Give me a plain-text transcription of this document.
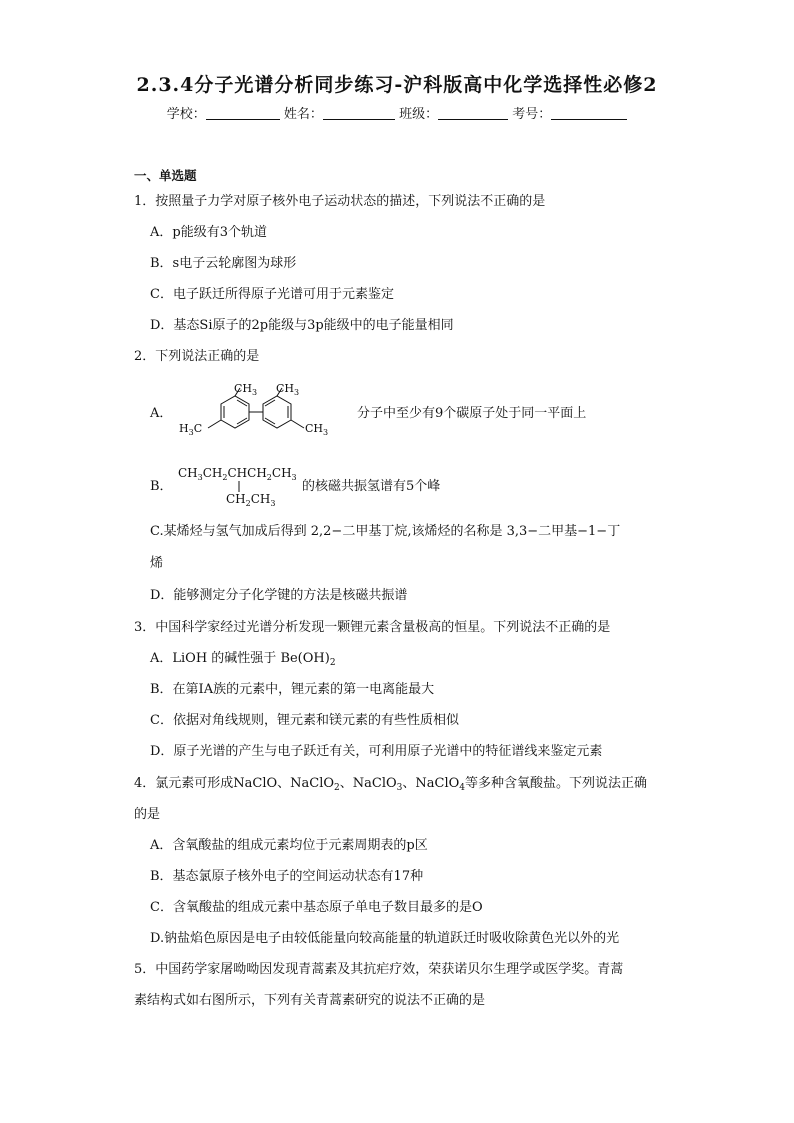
2.3.4分子光谱分析同步练习-沪科版高中化学选择性必修2
学校：	姓名：	班级：	考号：
一、单选题
1．按照量子力学对原子核外电子运动状态的描述，下列说法不正确的是
A．p能级有3个轨道
B．s电子云轮廓图为球形
C．电子跃迁所得原子光谱可用于元素鉴定
D．基态Si原子的2p能级与3p能级中的电子能量相同
2．下列说法正确的是
A．
$H_3C$
$CH_3$ $CH_3$
$CH_3$
分子中至少有9个碳原子处于同一平面上
B．
$CH_3CH_2CHCH_2CH_3$
$CH_2CH_3$
的核磁共振氢谱有5个峰
C.某烯烃与氢气加成后得到 2,2−二甲基丁烷,该烯烃的名称是 3,3−二甲基−1−丁
烯
D．能够测定分子化学键的方法是核磁共振谱
3．中国科学家经过光谱分析发现一颗锂元素含量极高的恒星。下列说法不正确的是
A．LiOH 的碱性强于 $Be(OH)_2$
B．在第ⅠA族的元素中，锂元素的第一电离能最大
C．依据对角线规则，锂元素和镁元素的有些性质相似
D．原子光谱的产生与电子跃迁有关，可利用原子光谱中的特征谱线来鉴定元素
4．氯元素可形成NaClO、NaClO$_2$、NaClO$_3$、NaClO$_4$等多种含氧酸盐。下列说法正确
的是
A．含氧酸盐的组成元素均位于元素周期表的p区
B．基态氯原子核外电子的空间运动状态有17种
C．含氧酸盐的组成元素中基态原子单电子数目最多的是O
D.钠盐焰色原因是电子由较低能量向较高能量的轨道跃迁时吸收除黄色光以外的光
5．中国药学家屠呦呦因发现青蒿素及其抗疟疗效，荣获诺贝尔生理学或医学奖。青蒿
素结构式如右图所示，下列有关青蒿素研究的说法不正确的是
